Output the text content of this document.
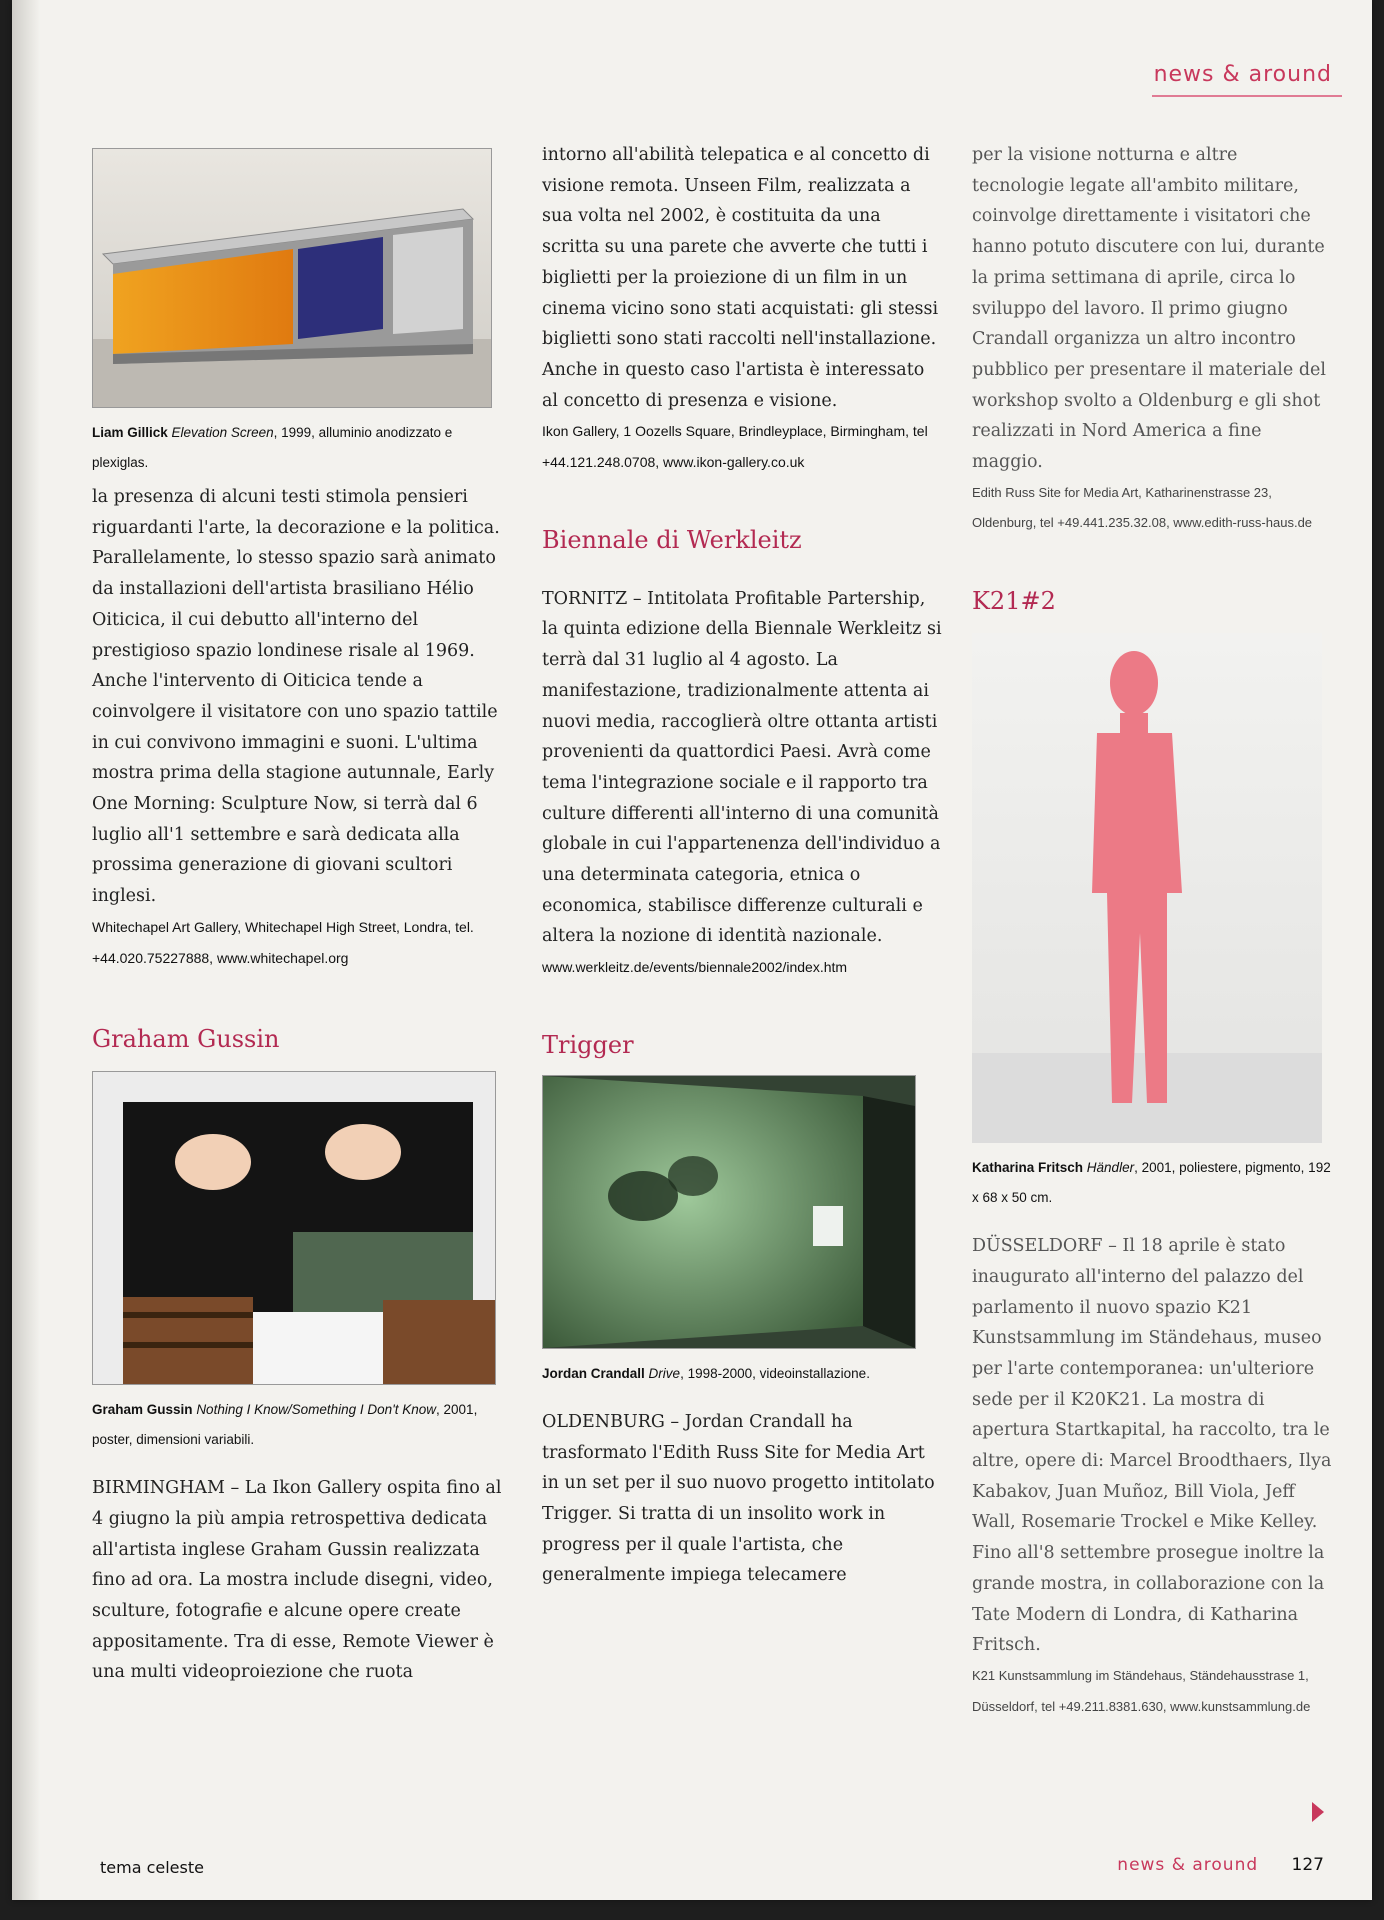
news & around

Liam Gillick Elevation Screen, 1999, alluminio anodizzato e plexiglas.

la presenza di alcuni testi stimola pensieri riguardanti l'arte, la decorazione e la politica. Parallelamente, lo stesso spazio sarà animato da installazioni dell'artista brasiliano Hélio Oiticica, il cui debutto all'interno del prestigioso spazio londinese risale al 1969. Anche l'intervento di Oiticica tende a coinvolgere il visitatore con uno spazio tattile in cui convivono immagini e suoni. L'ultima mostra prima della stagione autunnale, Early One Morning: Sculpture Now, si terrà dal 6 luglio all'1 settembre e sarà dedicata alla prossima generazione di giovani scultori inglesi.

Whitechapel Art Gallery, Whitechapel High Street, Londra, tel. +44.020.75227888, www.whitechapel.org

Graham Gussin

Graham Gussin Nothing I Know/Something I Don't Know, 2001, poster, dimensioni variabili.

BIRMINGHAM – La Ikon Gallery ospita fino al 4 giugno la più ampia retrospettiva dedicata all'artista inglese Graham Gussin realizzata fino ad ora. La mostra include disegni, video, sculture, fotografie e alcune opere create appositamente. Tra di esse, Remote Viewer è una multi videoproiezione che ruota

intorno all'abilità telepatica e al concetto di visione remota. Unseen Film, realizzata a sua volta nel 2002, è costituita da una scritta su una parete che avverte che tutti i biglietti per la proiezione di un film in un cinema vicino sono stati acquistati: gli stessi biglietti sono stati raccolti nell'installazione. Anche in questo caso l'artista è interessato al concetto di presenza e visione.

Ikon Gallery, 1 Oozells Square, Brindleyplace, Birmingham, tel +44.121.248.0708, www.ikon-gallery.co.uk

Biennale di Werkleitz

TORNITZ – Intitolata Profitable Partership, la quinta edizione della Biennale Werkleitz si terrà dal 31 luglio al 4 agosto. La manifestazione, tradizionalmente attenta ai nuovi media, raccoglierà oltre ottanta artisti provenienti da quattordici Paesi. Avrà come tema l'integrazione sociale e il rapporto tra culture differenti all'interno di una comunità globale in cui l'appartenenza dell'individuo a una determinata categoria, etnica o economica, stabilisce differenze culturali e altera la nozione di identità nazionale.

www.werkleitz.de/events/biennale2002/index.htm

Trigger

Jordan Crandall Drive, 1998-2000, videoinstallazione.

OLDENBURG – Jordan Crandall ha trasformato l'Edith Russ Site for Media Art in un set per il suo nuovo progetto intitolato Trigger. Si tratta di un insolito work in progress per il quale l'artista, che generalmente impiega telecamere

per la visione notturna e altre tecnologie legate all'ambito militare, coinvolge direttamente i visitatori che hanno potuto discutere con lui, durante la prima settimana di aprile, circa lo sviluppo del lavoro. Il primo giugno Crandall organizza un altro incontro pubblico per presentare il materiale del workshop svolto a Oldenburg e gli shot realizzati in Nord America a fine maggio.

Edith Russ Site for Media Art, Katharinenstrasse 23, Oldenburg, tel +49.441.235.32.08, www.edith-russ-haus.de

K21#2

Katharina Fritsch Händler, 2001, poliestere, pigmento, 192 x 68 x 50 cm.

DÜSSELDORF – Il 18 aprile è stato inaugurato all'interno del palazzo del parlamento il nuovo spazio K21 Kunstsammlung im Ständehaus, museo per l'arte contemporanea: un'ulteriore sede per il K20K21. La mostra di apertura Startkapital, ha raccolto, tra le altre, opere di: Marcel Broodthaers, Ilya Kabakov, Juan Muñoz, Bill Viola, Jeff Wall, Rosemarie Trockel e Mike Kelley. Fino all'8 settembre prosegue inoltre la grande mostra, in collaborazione con la Tate Modern di Londra, di Katharina Fritsch.

K21 Kunstsammlung im Ständehaus, Ständehausstrase 1, Düsseldorf, tel +49.211.8381.630, www.kunstsammlung.de

tema celeste	news & around 127
